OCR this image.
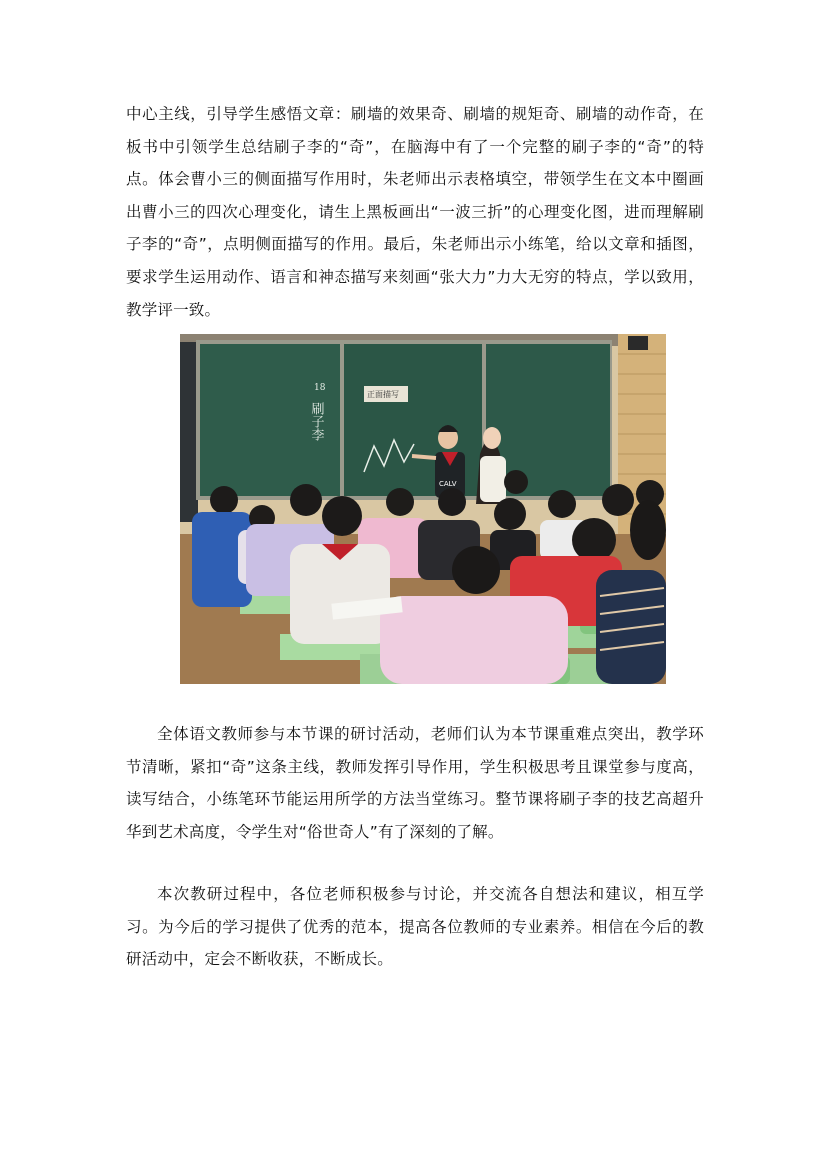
中心主线，引导学生感悟文章：刷墙的效果奇、刷墙的规矩奇、刷墙的动作奇，在板书中引领学生总结刷子李的“奇”，在脑海中有了一个完整的刷子李的“奇”的特点。体会曹小三的侧面描写作用时，朱老师出示表格填空，带领学生在文本中圈画出曹小三的四次心理变化，请生上黑板画出“一波三折”的心理变化图，进而理解刷子李的“奇”，点明侧面描写的作用。最后，朱老师出示小练笔，给以文章和插图，要求学生运用动作、语言和神态描写来刻画“张大力”力大无穷的特点，学以致用，教学评一致。

18
刷子李
正面描写
CALV

全体语文教师参与本节课的研讨活动，老师们认为本节课重难点突出，教学环节清晰，紧扣“奇”这条主线，教师发挥引导作用，学生积极思考且课堂参与度高，读写结合，小练笔环节能运用所学的方法当堂练习。整节课将刷子李的技艺高超升华到艺术高度，令学生对“俗世奇人”有了深刻的了解。

本次教研过程中，各位老师积极参与讨论，并交流各自想法和建议，相互学习。为今后的学习提供了优秀的范本，提高各位教师的专业素养。相信在今后的教研活动中，定会不断收获，不断成长。
